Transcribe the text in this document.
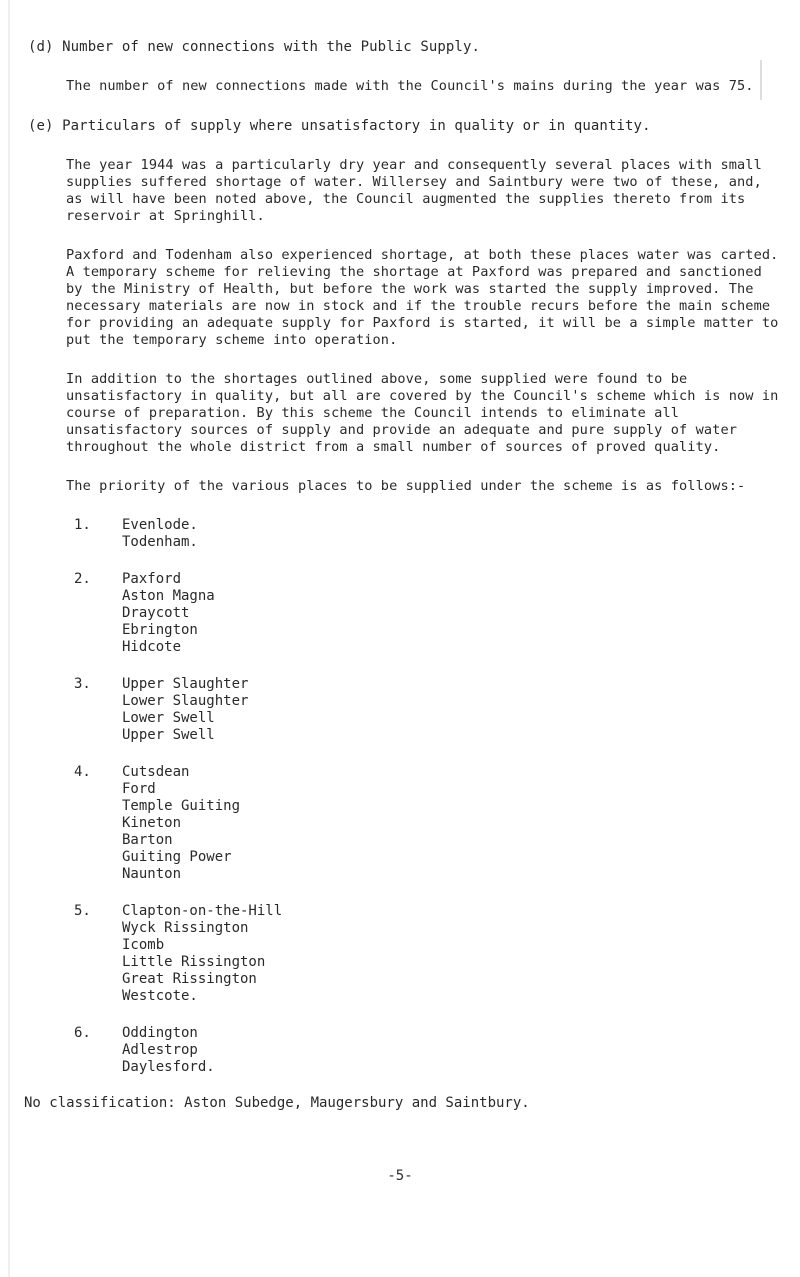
(d) Number of new connections with the Public Supply.

The number of new connections made with the Council's mains during the year was 75.

(e) Particulars of supply where unsatisfactory in quality or in quantity.

The year 1944 was a particularly dry year and consequently several places with small supplies suffered shortage of water. Willersey and Saintbury were two of these, and, as will have been noted above, the Council augmented the supplies thereto from its reservoir at Springhill.

Paxford and Todenham also experienced shortage, at both these places water was carted. A temporary scheme for relieving the shortage at Paxford was prepared and sanctioned by the Ministry of Health, but before the work was started the supply improved. The necessary materials are now in stock and if the trouble recurs before the main scheme for providing an adequate supply for Paxford is started, it will be a simple matter to put the temporary scheme into operation.

In addition to the shortages outlined above, some supplied were found to be unsatisfactory in quality, but all are covered by the Council's scheme which is now in course of preparation. By this scheme the Council intends to eliminate all unsatisfactory sources of supply and provide an adequate and pure supply of water throughout the whole district from a small number of sources of proved quality.

The priority of the various places to be supplied under the scheme is as follows:-

1.	Evenlode.
Todenham.
2.	Paxford
Aston Magna
Draycott
Ebrington
Hidcote
3.	Upper Slaughter
Lower Slaughter
Lower Swell
Upper Swell
4.	Cutsdean
Ford
Temple Guiting
Kineton
Barton
Guiting Power
Naunton
5.	Clapton-on-the-Hill
Wyck Rissington
Icomb
Little Rissington
Great Rissington
Westcote.
6.	Oddington
Adlestrop
Daylesford.

No classification: Aston Subedge, Maugersbury and Saintbury.

-5-
